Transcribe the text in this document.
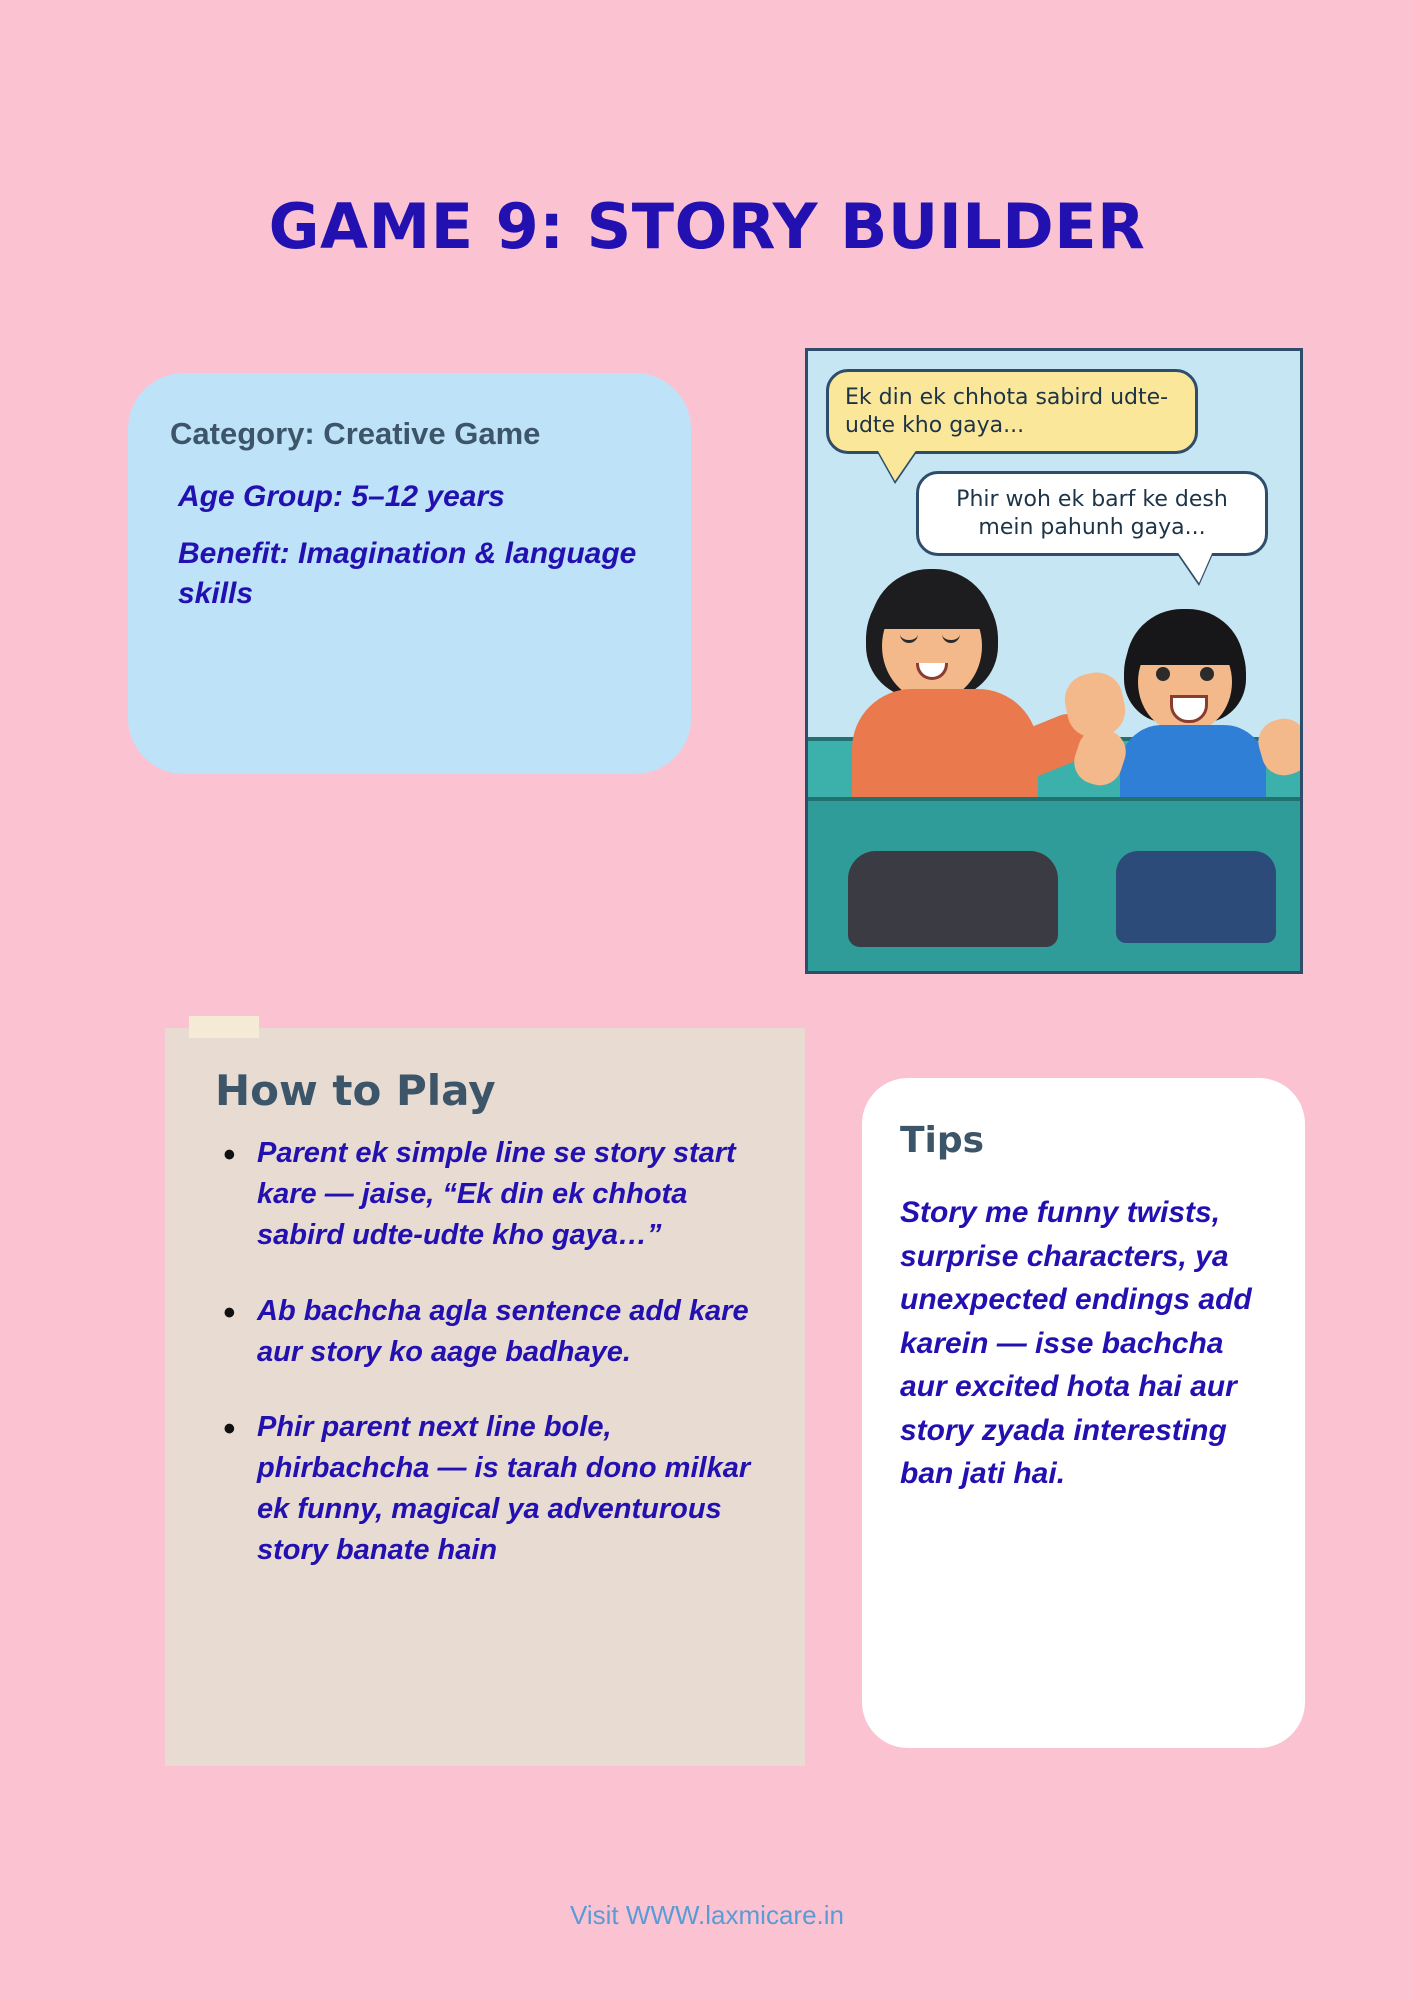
GAME 9: STORY BUILDER
Category: Creative Game
Age Group: 5–12 years
Benefit: Imagination & language skills
Ek din ek chhota sabird udte-udte kho gaya...
Phir woh ek barf ke desh mein pahunh gaya...
How to Play
• Parent ek simple line se story start kare — jaise, “Ek din ek chhota sabird udte-udte kho gaya…”
• Ab bachcha agla sentence add kare aur story ko aage badhaye.
• Phir parent next line bole, phirbachcha — is tarah dono milkar ek funny, magical ya adventurous story banate hain
Tips
Story me funny twists, surprise characters, ya unexpected endings add karein — isse bachcha aur excited hota hai aur story zyada interesting ban jati hai.
Visit WWW.laxmicare.in
